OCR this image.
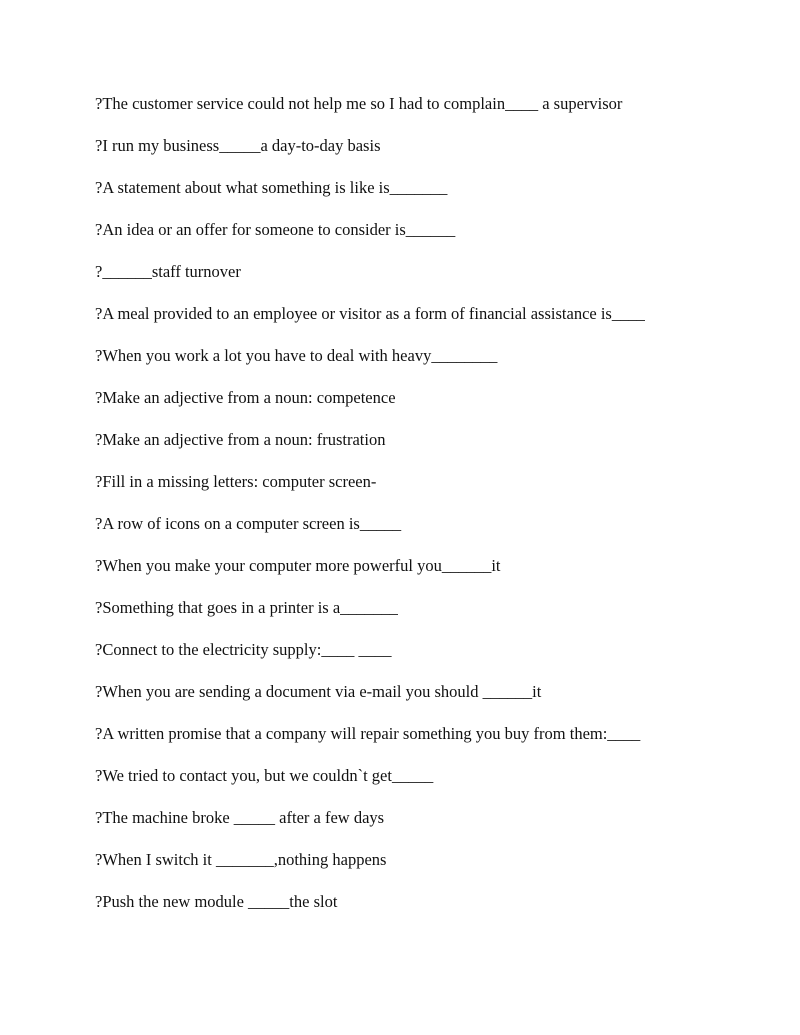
?The customer service could not help me so I had to complain____ a supervisor
?I run my business_____a day-to-day basis
?A statement about what something is like is_______
?An idea or an offer for someone to consider is______
?______staff turnover
?A meal provided to an employee or visitor as a form of financial assistance is____
?When you work a lot you have to deal with heavy________
?Make an adjective from a noun: competence
?Make an adjective from a noun: frustration
?Fill in a missing letters: computer screen-
?A row of icons on a computer screen is_____
?When you make your computer more powerful you______it
?Something that goes in a printer is a_______
?Connect to the electricity supply:____ ____
?When you are sending a document via e-mail you should ______it
?A written promise that a company will repair something you buy from them:____
?We tried to contact you, but we couldn`t get_____
?The machine broke _____ after a few days
?When I switch it _______,nothing happens
?Push the new module _____the slot
